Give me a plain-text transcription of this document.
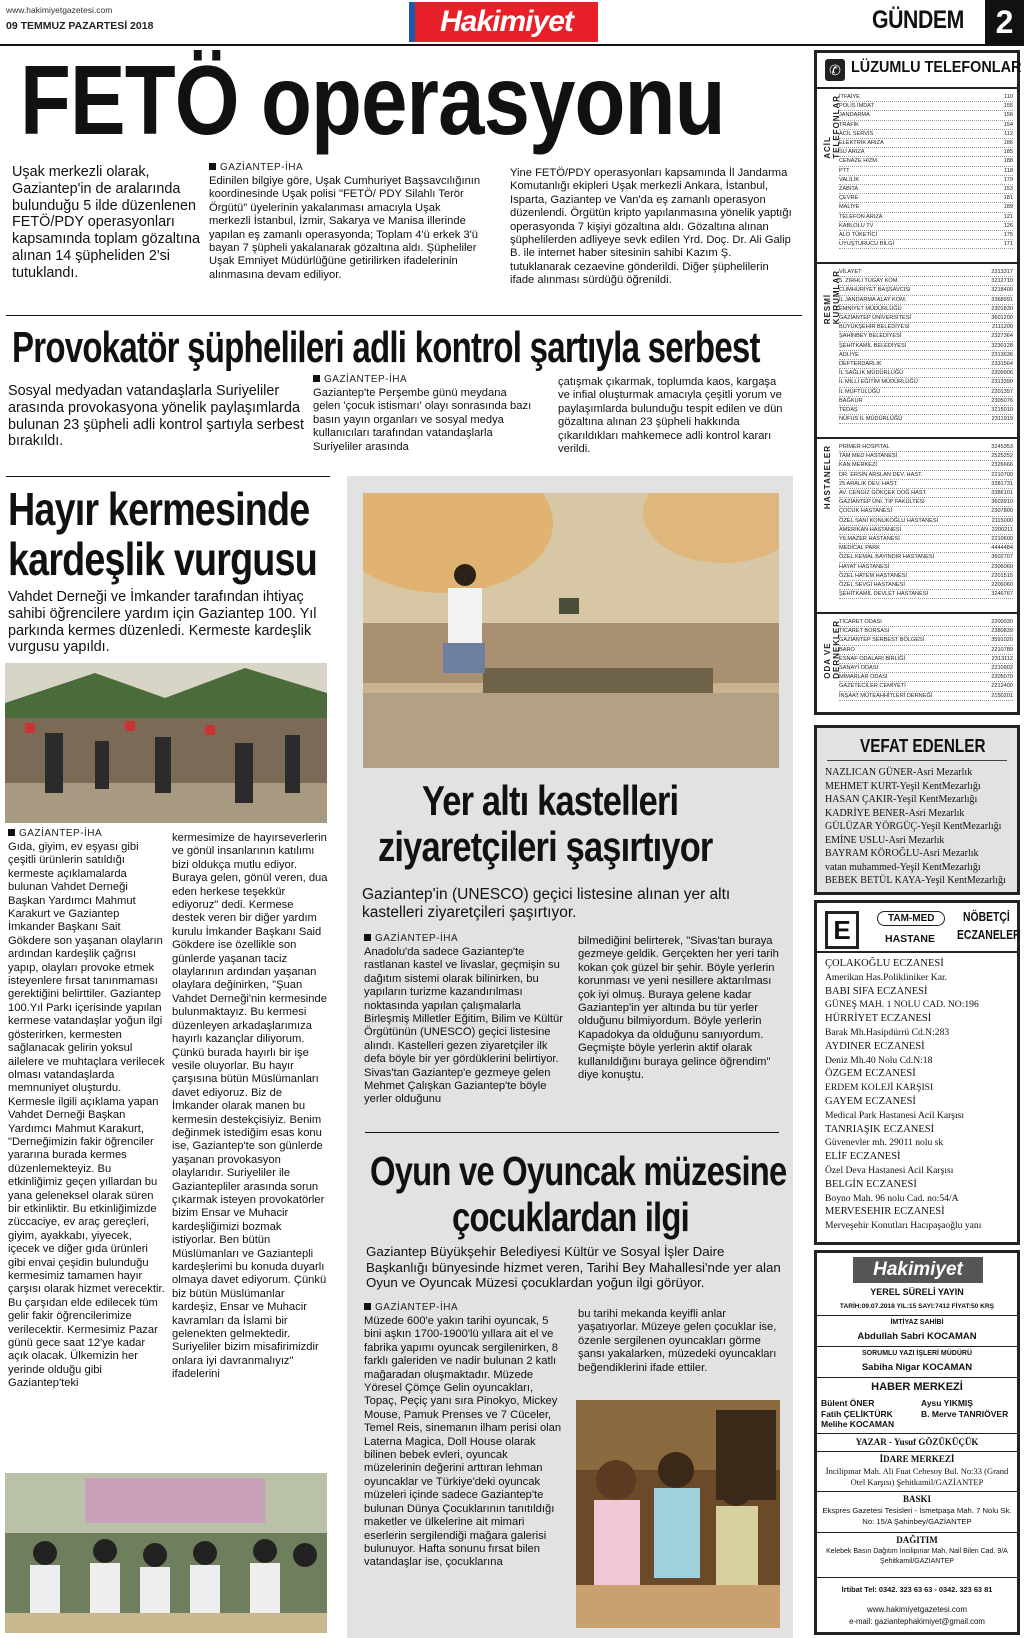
www.hakimiyetgazetesi.com
09 TEMMUZ PAZARTESİ 2018	Hakimiyet	GÜNDEM 2
FETÖ operasyonu
Uşak merkezli olarak, Gaziantep'in de aralarında bulunduğu 5 ilde düzenlenen FETÖ/PDY operasyonları kapsamında toplam gözaltına alınan 14 şüpheliden 2'si tutuklandı.
GAZİANTEP-İHA
Edinilen bilgiye göre, Uşak Cumhuriyet Başsavcılığının koordinesinde Uşak polisi "FETÖ/ PDY Silahlı Terör Örgütü" üyelerinin yakalanması amacıyla Uşak merkezli İstanbul, İzmir, Sakarya ve Manisa illerinde yapılan eş zamanlı operasyonda; Toplam 4'ü erkek 3'ü bayan 7 şüpheli yakalanarak gözaltına aldı. Şüpheliler Uşak Emniyet Müdürlüğüne getirilirken ifadelerinin alınmasına devam ediliyor.
Yine FETÖ/PDY operasyonları kapsamında İl Jandarma Komutanlığı ekipleri Uşak merkezli Ankara, İstanbul, Isparta, Gaziantep ve Van'da eş zamanlı operasyon düzenlendi. Örgütün kripto yapılanmasına yönelik yaptığı operasyonda 7 kişiyi gözaltına aldı. Gözaltına alınan şüphelilerden adliyeye sevk edilen Yrd. Doç. Dr. Ali Galip B. ile internet haber sitesinin sahibi Kazım Ş. tutuklanarak cezaevine gönderildi. Diğer şüphelilerin ifade alınması sürdüğü öğrenildi.
Provokatör şüphelileri adli kontrol şartıyla serbest
Sosyal medyadan vatandaşlarla Suriyeliler arasında provokasyona yönelik paylaşımlarda bulunan 23 şüpheli adli kontrol şartıyla serbest bırakıldı.
GAZİANTEP-İHA
Gaziantep'te Perşembe günü meydana gelen 'çocuk istismarı' olayı sonrasında bazı basın yayın organları ve sosyal medya kullanıcıları tarafından vatandaşlarla Suriyeliler arasında
çatışmak çıkarmak, toplumda kaos, kargaşa ve infial oluşturmak amacıyla çeşitli yorum ve paylaşımlarda bulunduğu tespit edilen ve dün gözaltına alınan 23 şüpheli hakkında çıkarıldıkları mahkemece adli kontrol kararı verildi.
Hayır kermesinde
kardeşlik vurgusu
Vahdet Derneği ve İmkander tarafından ihtiyaç sahibi öğrencilere yardım için Gaziantep 100. Yıl parkında kermes düzenledi. Kermeste kardeşlik vurgusu yapıldı.
GAZİANTEP-İHA
Gıda, giyim, ev eşyası gibi çeşitli ürünlerin satıldığı kermeste açıklamalarda bulunan Vahdet Derneği Başkan Yardımcı Mahmut Karakurt ve Gaziantep İmkander Başkanı Sait Gökdere son yaşanan olayların ardından kardeşlik çağrısı yapıp, olayları provoke etmek isteyenlere fırsat tanınmaması gerektiğini belirttiler. Gaziantep 100.Yıl Parkı içerisinde yapılan kermese vatandaşlar yoğun ilgi gösterirken, kermesten sağlanacak gelirin yoksul ailelere ve muhtaçlara verilecek olması vatandaşlarda memnuniyet oluşturdu. Kermesle ilgili açıklama yapan Vahdet Derneği Başkan Yardımcı Mahmut Karakurt, "Derneğimizin fakir öğrenciler yararına burada kermes düzenlemekteyiz. Bu etkinliğimiz geçen yıllardan bu yana geleneksel olarak süren bir etkinliktir. Bu etkinliğimizde züccaciye, ev araç gereçleri, giyim, ayakkabı, yiyecek, içecek ve diğer gıda ürünleri gibi envai çeşidin bulunduğu kermesimiz tamamen hayır çarşısı olarak hizmet verecektir. Bu çarşıdan elde edilecek tüm gelir fakir öğrencilerimize verilecektir. Kermesimiz Pazar günü gece saat 12'ye kadar açık olacak. Ülkemizin her yerinde olduğu gibi Gaziantep'teki
kermesimize de hayırseverlerin ve gönül insanlarının katılımı bizi oldukça mutlu ediyor. Buraya gelen, gönül veren, dua eden herkese teşekkür ediyoruz" dedi. Kermese destek veren bir diğer yardım kurulu İmkander Başkanı Said Gökdere ise özellikle son günlerde yaşanan taciz olaylarının ardından yaşanan olaylara değinirken, "Şuan Vahdet Derneği'nin kermesinde bulunmaktayız. Bu kermesi düzenleyen arkadaşlarımıza hayırlı kazançlar diliyorum. Çünkü burada hayırlı bir işe vesile oluyorlar. Bu hayır çarşısına bütün Müslümanları davet ediyoruz. Biz de İmkander olarak manen bu kermesin destekçisiyiz. Benim değinmek istediğim esas konu ise, Gaziantep'te son günlerde yaşanan provokasyon olaylarıdır. Suriyeliler ile Gaziantepliler arasında sorun çıkarmak isteyen provokatörler bizim Ensar ve Muhacir kardeşliğimizi bozmak istiyorlar. Ben bütün Müslümanları ve Gaziantepli kardeşlerimi bu konuda duyarlı olmaya davet ediyorum. Çünkü biz bütün Müslümanlar kardeşiz, Ensar ve Muhacir kavramları da İslami bir gelenekten gelmektedir. Suriyeliler bizim misafirimizdir onlara iyi davranmalıyız" ifadelerini
Yer altı kastelleri
ziyaretçileri şaşırtıyor
Gaziantep'in (UNESCO) geçici listesine alınan yer altı kastelleri ziyaretçileri şaşırtıyor.
GAZİANTEP-İHA
Anadolu'da sadece Gaziantep'te rastlanan kastel ve livaslar, geçmişin su dağıtım sistemi olarak bilinirken, bu yapıların turizme kazandırılması noktasında yapılan çalışmalarla Birleşmiş Milletler Eğitim, Bilim ve Kültür Örgütünün (UNESCO) geçici listesine alındı. Kastelleri gezen ziyaretçiler ilk defa böyle bir yer gördüklerini belirtiyor. Sivas'tan Gaziantep'e gezmeye gelen Mehmet Çalışkan Gaziantep'te böyle yerler olduğunu
bilmediğini belirterek, "Sivas'tan buraya gezmeye geldik. Gerçekten her yeri tarih kokan çok güzel bir şehir. Böyle yerlerin korunması ve yeni nesillere aktarılması çok iyi olmuş. Buraya gelene kadar Gaziantep'in yer altında bu tür yerler olduğunu bilmiyordum. Böyle yerlerin Kapadokya da olduğunu sanıyordum. Geçmişte böyle yerlerin aktif olarak kullanıldığını buraya gelince öğrendim" diye konuştu.
Oyun ve Oyuncak müzesine
çocuklardan ilgi
Gaziantep Büyükşehir Belediyesi Kültür ve Sosyal İşler Daire Başkanlığı bünyesinde hizmet veren, Tarihi Bey Mahallesi'nde yer alan Oyun ve Oyuncak Müzesi çocuklardan yoğun ilgi görüyor.
GAZİANTEP-İHA
Müzede 600'e yakın tarihi oyuncak, 5 bini aşkın 1700-1900'lü yıllara ait el ve fabrika yapımı oyuncak sergilenirken, 8 farklı galeriden ve nadir bulunan 2 katlı mağaradan oluşmaktadır. Müzede Yöresel Çömçe Gelin oyuncakları, Topaç, Peçiç yanı sıra Pinokyo, Mickey Mouse, Pamuk Prenses ve 7 Cüceler, Temel Reis, sinemanın ilham perisi olan Laterna Magica, Doll House olarak bilinen bebek evleri, oyuncak müzelerinin değerini arttıran lehman oyuncaklar ve Türkiye'deki oyuncak müzeleri içinde sadece Gaziantep'te bulunan Dünya Çocuklarının tanıtıldığı maketler ve ülkelerine ait mimari eserlerin sergilendiği mağara galerisi bulunuyor. Hafta sonunu fırsat bilen vatandaşlar ise, çocuklarına
bu tarihi mekanda keyifli anlar yaşatıyorlar. Müzeye gelen çocuklar ise, özenle sergilenen oyuncakları görme şansı yakalarken, müzedeki oyuncakları beğendiklerini ifade ettiler.
✆ LÜZUMLU TELEFONLAR
ACİL TELEFONLAR
İTFAİYE	110
POLİS İMDAT	155
JANDARMA	156
TRAFİK	154
ACİL SERVİS	112
ELEKTRİK ARIZA	186
SU ARIZA	185
CENAZE HİZM.	188
PTT	118
VALİLİK	179
ZABITA	153
ÇEVRE	181
MALİYE	189
TELEFON ARIZA	121
KABLOLU TV	126
ALO TÜKETİCİ	175
UYUŞTURUCU BİLGİ	171
RESMİ KURUMLAR
VİLAYET	2313317
5. ZIRHLI TUGAY KOM.	3212710
CUMHURİYET BAŞSAVCISI	3218400
İL JANDARMA ALAY KOM.	3368991
EMNİYET MÜDÜRLÜĞÜ	2301830
GAZİANTEP ÜNİVERSİTESİ	3601200
BÜYÜKŞEHİR BELEDİYESİ	2111200
ŞAHİNBEY BELEDİYESİ	2327364
ŞEHİTKAMİL BELEDİYESİ	3230128
ADLİYE	2313636
DEFTERDARLIK	2331564
İL SAĞLIK MÜDÜRLÜĞÜ	2209906
İL MİLLİ EĞİTİM MÜDÜRLÜĞÜ	2313390
İL MÜFTÜLÜĞÜ	2201357
BAĞKUR	2305076
TEDAŞ	3215010
NÜFUS İL MÜDÜRLÜĞÜ	2311919
HASTANELER PRİMER HOSPİTAL	3245353
TAM MED HASTANESİ	2525252
KAN MERKEZİ	2326666
DR. ERSİN ARSLAN DEV. HAST.	2210700
25 ARALIK DEV. HAST.	3381731
AV. CENGİZ GÖKÇEK DOĞ HAST.	3386101
GAZİANTEP ÜNİ. TIP FAKÜLTESİ	3603910
ÇOCUK HASTANESİ	2307800
ÖZEL SANİ KONUKOĞLU HASTANESİ	2115000
AMERİKAN HASTANESİ	2200211
YILMAZER HASTANESİ	2210600
MEDİCAL PARK	4444484
ÖZEL KEMAL BAYINDIR HASTANESİ	3602707
HAYAT HASTANESİ	2306060
ÖZEL HATEM HASTANESİ	2201515
ÖZEL SEVGİ HASTANESİ	2206060
ŞEHİTKAMİL DEVLET HASTANESİ	3246767
ODA VE DERNEKLER
TİCARET ODASI	2200030
TİCARET BORSASI	2380839
GAZİANTEP SERBEST BÖLGESİ	3591020
BARO	2210789
ESNAF ODALARI BİRLİĞİ	2313112
SANAYİ ODASI	2210902
MİMARLAR ODASI	2205070
GAZETECİLER CEMİYETİ	2212400
İNŞAAT MÜTEAHHİTLERİ DERNEĞİ	2150201
VEFAT EDENLER
NAZLICAN GÜNER-Asri Mezarlık
MEHMET KURT-Yeşil KentMezarlığı
HASAN ÇAKIR-Yeşil KentMezarlığı
KADRİYE BENER-Asri Mezarlık
GÜLÜZAR YÖRGÜÇ-Yeşil KentMezarlığı
EMİNE USLU-Asri Mezarlık
BAYRAM KÖROĞLU-Asri Mezarlık
vatan muhammed-Yeşil KentMezarlığı
BEBEK BETÜL KAYA-Yeşil KentMezarlığı
E	TAM-MED
HASTANE
NÖBETÇİ
ECZANELER
ÇOLAKOĞLU ECZANESİ
Amerikan Has.Polikliniker Kar.
BABI SIFA ECZANESİ
GÜNEŞ MAH. 1 NOLU CAD. NO:196
HÜRRİYET ECZANESİ
Barak Mh.Hasipdürrü Cd.N:283
AYDINER ECZANESİ
Deniz Mh.40 Nolu Cd.N:18
ÖZGEM ECZANESİ
ERDEM KOLEJİ KARŞISI
GAYEM ECZANESİ
Medical Park Hastanesi Acil Karşısı
TANRIAŞIK ECZANESİ
Güvenevler mh. 29011 nolu sk
ELİF ECZANESİ
Özel Deva Hastanesi Acil Karşısı
BELGİN ECZANESİ
Boyno Mah. 96 nolu Cad. no:54/A
MERVESEHIR ECZANESİ
Merveşehir Konutları Hacıpaşaoğlu yanı
Hakimiyet
YEREL SÜRELİ YAYIN
TARİH:09.07.2018 YIL:15 SAYI:7412 FİYAT:50 KRŞ
İMTİYAZ SAHİBİ
Abdullah Sabri KOCAMAN
SORUMLU YAZI İŞLERİ MÜDÜRÜ
Sabiha Nigar KOCAMAN
HABER MERKEZİ
Bülent ÖNER
Fatih ÇELİKTÜRK
Melihe KOCAMAN
Aysu YIKMIŞ
B. Merve TANRIÖVER
YAZAR - Yusuf GÖZÜKÜÇÜK
İDARE MERKEZİ
İncilipınar Mah. Ali Fuat Cebesoy Bul. No:33 (Grand Otel Karşısı) Şehitkamil/GAZİANTEP
BASKI
Ekspres Gazetesi Tesisleri - İsmetpaşa Mah. 7 Nolu Sk. No: 15/A Şahinbey/GAZİANTEP
DAĞITIM
Kelebek Basın Dağıtım İncilipınar Mah. Nail Bilen Cad. 9/A Şehitkamil/GAZİANTEP
İrtibat Tel: 0342. 323 63 63 - 0342. 323 63 81
www.hakimiyetgazetesi.com
e-mail: gaziantephakimiyet@gmail.com
